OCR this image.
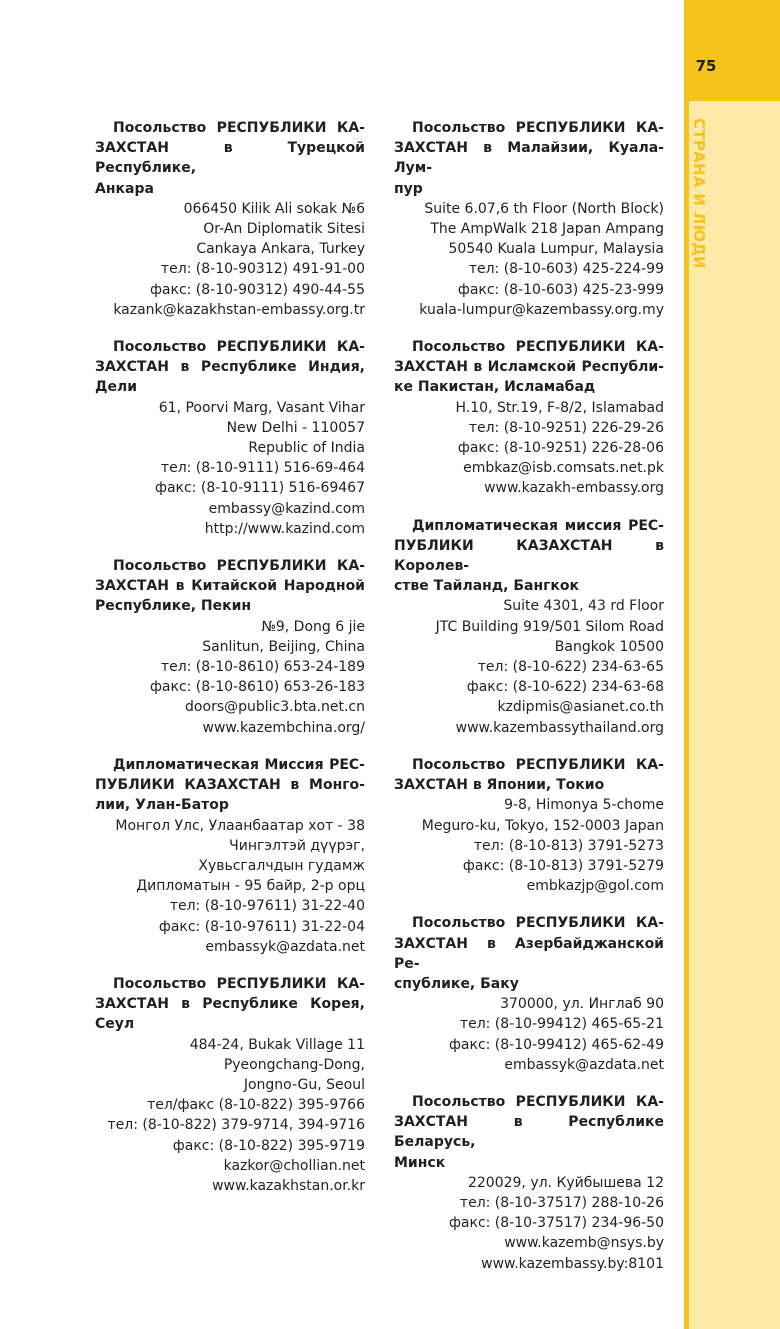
75
СТРАНА И ЛЮДИ
Посольство РЕСПУБЛИКИ КА-
ЗАХСТАН в Турецкой Республике,
Анкара
066450 Kilik Ali sokak №6
Or-An Diplomatik Sitesi
Cankaya Ankara, Turkey
тел: (8-10-90312) 491-91-00
факс: (8-10-90312) 490-44-55
kazank@kazakhstan-embassy.org.tr
Посольство РЕСПУБЛИКИ КА-
ЗАХСТАН в Республике Индия,
Дели
61, Poorvi Marg, Vasant Vihar
New Delhi - 110057
Republic of India
тел: (8-10-9111) 516-69-464
факс: (8-10-9111) 516-69467
embassy@kazind.com
http://www.kazind.com
Посольство РЕСПУБЛИКИ КА-
ЗАХСТАН в Китайской Народной
Республике, Пекин
№9, Dong 6 jie
Sanlitun, Beijing, China
тел: (8-10-8610) 653-24-189
факс: (8-10-8610) 653-26-183
doors@public3.bta.net.cn
www.kazembchina.org/
Дипломатическая Миссия РЕС-
ПУБЛИКИ КАЗАХСТАН в Монго-
лии, Улан-Батор
Монгол Улс, Улаанбаатар хот - 38
Чингэлтэй дүүрэг,
Хувьсгалчдын гудамж
Дипломатын - 95 байр, 2-р орц
тел: (8-10-97611) 31-22-40
факс: (8-10-97611) 31-22-04
embassyk@azdata.net
Посольство РЕСПУБЛИКИ КА-
ЗАХСТАН в Республике Корея,
Сеул
484-24, Bukak Village 11
Pyeongchang-Dong,
Jongno-Gu, Seoul
тел/факс (8-10-822) 395-9766
тел: (8-10-822) 379-9714, 394-9716
факс: (8-10-822) 395-9719
kazkor@chollian.net
www.kazakhstan.or.kr
Посольство РЕСПУБЛИКИ КА-
ЗАХСТАН в Малайзии, Куала-Лум-
пур
Suite 6.07,6 th Floor (North Block)
The AmpWalk 218 Japan Ampang
50540 Kuala Lumpur, Malaysia
тел: (8-10-603) 425-224-99
факс: (8-10-603) 425-23-999
kuala-lumpur@kazembassy.org.my
Посольство РЕСПУБЛИКИ КА-
ЗАХСТАН в Исламской Республи-
ке Пакистан, Исламабад
H.10, Str.19, F-8/2, Islamabad
тел: (8-10-9251) 226-29-26
факс: (8-10-9251) 226-28-06
embkaz@isb.comsats.net.pk
www.kazakh-embassy.org
Дипломатическая миссия РЕС-
ПУБЛИКИ КАЗАХСТАН в Королев-
стве Тайланд, Бангкок
Suite 4301, 43 rd Floor
JTC Building 919/501 Silom Road
Bangkok 10500
тел: (8-10-622) 234-63-65
факс: (8-10-622) 234-63-68
kzdipmis@asianet.co.th
www.kazembassythailand.org
Посольство РЕСПУБЛИКИ КА-
ЗАХСТАН в Японии, Токио
9-8, Himonya 5-chome
Meguro-ku, Tokyo, 152-0003 Japan
тел: (8-10-813) 3791-5273
факс: (8-10-813) 3791-5279
embkazjp@gol.com
Посольство РЕСПУБЛИКИ КА-
ЗАХСТАН в Азербайджанской Ре-
спублике, Баку
370000, ул. Инглаб 90
тел: (8-10-99412) 465-65-21
факс: (8-10-99412) 465-62-49
embassyk@azdata.net
Посольство РЕСПУБЛИКИ КА-
ЗАХСТАН в Республике Беларусь,
Минск
220029, ул. Куйбышева 12
тел: (8-10-37517) 288-10-26
факс: (8-10-37517) 234-96-50
www.kazemb@nsys.by
www.kazembassy.by:8101
